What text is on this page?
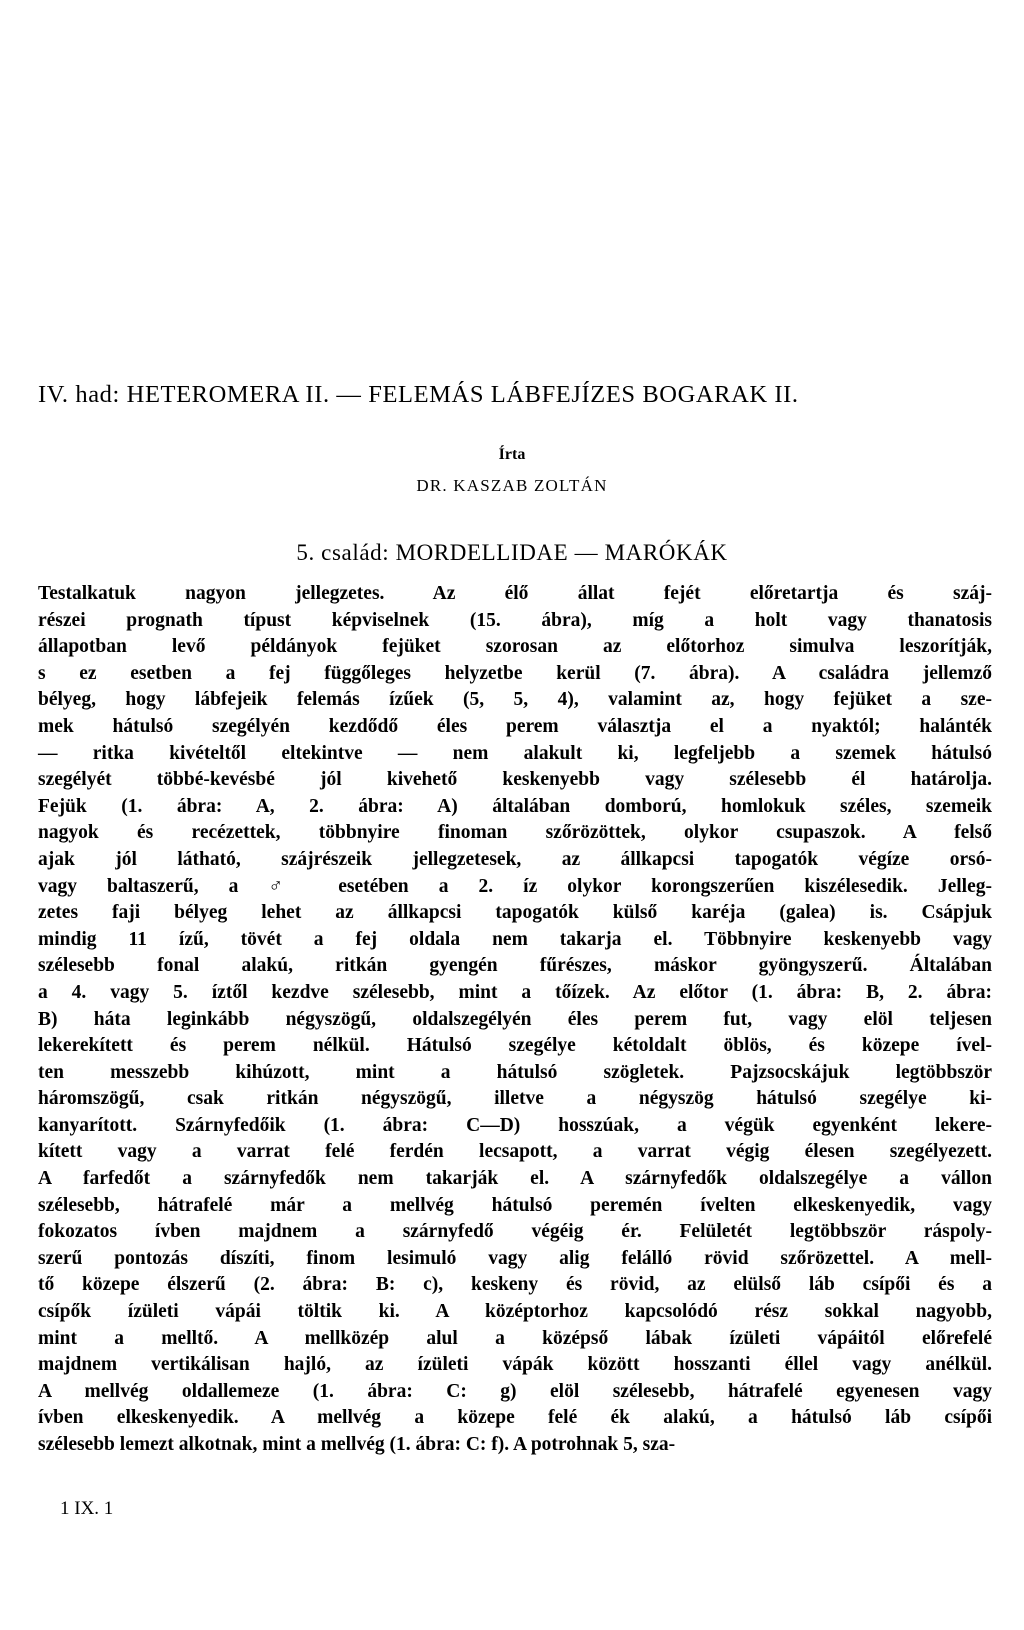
IV. had: HETEROMERA II. — FELEMÁS LÁBFEJÍZES BOGARAK II.
Írta
DR. KASZAB ZOLTÁN
5. család: MORDELLIDAE — MARÓKÁK
Testalkatuk nagyon jellegzetes. Az élő állat fejét előretartja és száj-
részei prognath típust képviselnek (15. ábra), míg a holt vagy thanatosis
állapotban levő példányok fejüket szorosan az előtorhoz simulva leszorítják,
s ez esetben a fej függőleges helyzetbe kerül (7. ábra). A családra jellemző
bélyeg, hogy lábfejeik felemás ízűek (5, 5, 4), valamint az, hogy fejüket a sze-
mek hátulsó szegélyén kezdődő éles perem választja el a nyaktól; halánték
— ritka kivételtől eltekintve — nem alakult ki, legfeljebb a szemek hátulsó
szegélyét többé-kevésbé jól kivehető keskenyebb vagy szélesebb él határolja.
Fejük (1. ábra: A, 2. ábra: A) általában domború, homlokuk széles, szemeik
nagyok és recézettek, többnyire finoman szőrözöttek, olykor csupaszok. A felső
ajak jól látható, szájrészeik jellegzetesek, az állkapcsi tapogatók végíze orsó-
vagy baltaszerű, a ♂ esetében a 2. íz olykor korongszerűen kiszélesedik. Jelleg-
zetes faji bélyeg lehet az állkapcsi tapogatók külső karéja (galea) is. Csápjuk
mindig 11 ízű, tövét a fej oldala nem takarja el. Többnyire keskenyebb vagy
szélesebb fonal alakú, ritkán gyengén fűrészes, máskor gyöngyszerű. Általában
a 4. vagy 5. íztől kezdve szélesebb, mint a tőízek. Az előtor (1. ábra: B, 2. ábra:
B) háta leginkább négyszögű, oldalszegélyén éles perem fut, vagy elöl teljesen
lekerekített és perem nélkül. Hátulsó szegélye kétoldalt öblös, és közepe ível-
ten messzebb kihúzott, mint a hátulsó szögletek. Pajzsocskájuk legtöbbször
háromszögű, csak ritkán négyszögű, illetve a négyszög hátulsó szegélye ki-
kanyarított. Szárnyfedőik (1. ábra: C—D) hosszúak, a végük egyenként lekere-
kített vagy a varrat felé ferdén lecsapott, a varrat végig élesen szegélyezett.
A farfedőt a szárnyfedők nem takarják el. A szárnyfedők oldalszegélye a vállon
szélesebb, hátrafelé már a mellvég hátulsó peremén ívelten elkeskenyedik, vagy
fokozatos ívben majdnem a szárnyfedő végéig ér. Felületét legtöbbször ráspoly-
szerű pontozás díszíti, finom lesimuló vagy alig felálló rövid szőrözettel. A mell-
tő közepe élszerű (2. ábra: B: c), keskeny és rövid, az elülső láb csípői és a
csípők ízületi vápái töltik ki. A középtorhoz kapcsolódó rész sokkal nagyobb,
mint a melltő. A mellközép alul a középső lábak ízületi vápáitól előrefelé
majdnem vertikálisan hajló, az ízületi vápák között hosszanti éllel vagy anélkül.
A mellvég oldallemeze (1. ábra: C: g) elöl szélesebb, hátrafelé egyenesen vagy
ívben elkeskenyedik. A mellvég a közepe felé ék alakú, a hátulsó láb csípői
szélesebb lemezt alkotnak, mint a mellvég (1. ábra: C: f). A potrohnak 5, sza-
1 IX. 1
